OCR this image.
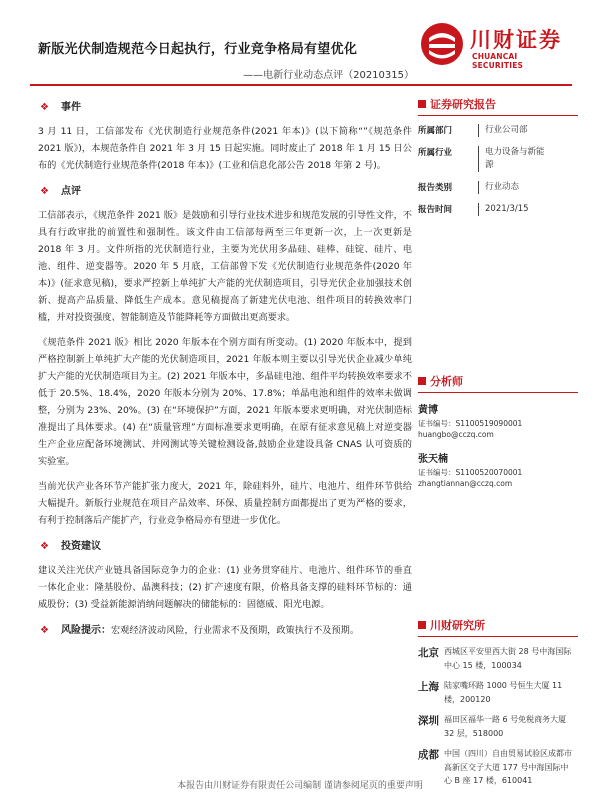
新版光伏制造规范今日起执行，行业竞争格局有望优化
——电新行业动态点评（20210315）
川财证券
CHUANCAI SECURITIES
❖ 事件

3 月 11 日，工信部发布《光伏制造行业规范条件(2021 年本)》(以下简称“”《规范条件 2021 版》)，本规范条件自 2021 年 3 月 15 日起实施。同时废止了 2018 年 1 月 15 日公布的《光伏制造行业规范条件(2018 年本)》(工业和信息化部公告 2018 年第 2 号)。

❖ 点评

工信部表示，《规范条件 2021 版》是鼓励和引导行业技术进步和规范发展的引导性文件，不具有行政审批的前置性和强制性。该文件由工信部每两至三年更新一次，上一次更新是 2018 年 3 月。文件所指的光伏制造行业，主要为光伏用多晶硅、硅棒、硅锭、硅片、电池、组件、逆变器等。2020 年 5 月底，工信部曾下发《光伏制造行业规范条件(2020 年本)》(征求意见稿)，要求严控新上单纯扩大产能的光伏制造项目，引导光伏企业加强技术创新、提高产品质量、降低生产成本。意见稿提高了新建光伏电池、组件项目的转换效率门槛，并对投资强度、智能制造及节能降耗等方面做出更高要求。

《规范条件 2021 版》相比 2020 年版本在个别方面有所变动。(1) 2020 年版本中，提到严格控制新上单纯扩大产能的光伏制造项目，2021 年版本则主要以引导光伏企业减少单纯扩大产能的光伏制造项目为主。(2) 2021 年版本中，多晶硅电池、组件平均转换效率要求不低于 20.5%、18.4%，2020 年版本分别为 20%、17.8%；单晶电池和组件的效率未做调整，分别为 23%、20%。(3) 在“环境保护”方面，2021 年版本要求更明确，对光伏制造标准提出了具体要求。(4) 在“质量管理”方面标准要求更明确，在原有征求意见稿上对逆变器生产企业应配备环境测试、并网测试等关键检测设备,鼓励企业建设具备 CNAS 认可资质的实验室。

当前光伏产业各环节产能扩张力度大，2021 年，除硅料外，硅片、电池片、组件环节供给大幅提升。新版行业规范在项目产品效率、环保、质量控制方面都提出了更为严格的要求，有利于控制落后产能扩产，行业竞争格局亦有望进一步优化。

❖ 投资建议

建议关注光伏产业链具备国际竞争力的企业：(1) 业务贯穿硅片、电池片、组件环节的垂直一体化企业：隆基股份、晶澳科技；(2) 扩产速度有限，价格具备支撑的硅料环节标的：通威股份；(3) 受益新能源消纳问题解决的储能标的：固德威、阳光电源。

❖ 风险提示：宏观经济波动风险，行业需求不及预期，政策执行不及预期。
证券研究报告
所属部门	行业公司部
所属行业	电力设备与新能源
报告类别	行业动态
报告时间	2021/3/15
分析师
黄博
证书编号：S1100519090001
huangbo@cczq.com
张天楠
证书编号：S1100520070001
zhangtiannan@cczq.com
川财研究所
北京 西城区平安里西大街 28 号中海国际中心 15 楼，100034
上海 陆家嘴环路 1000 号恒生大厦 11 楼，200120
深圳 福田区福华一路 6 号免税商务大厦 32 层，518000
成都 中国（四川）自由贸易试验区成都市高新区交子大道 177 号中海国际中心 B 座 17 楼，610041
本报告由川财证券有限责任公司编制 谨请参阅尾页的重要声明
